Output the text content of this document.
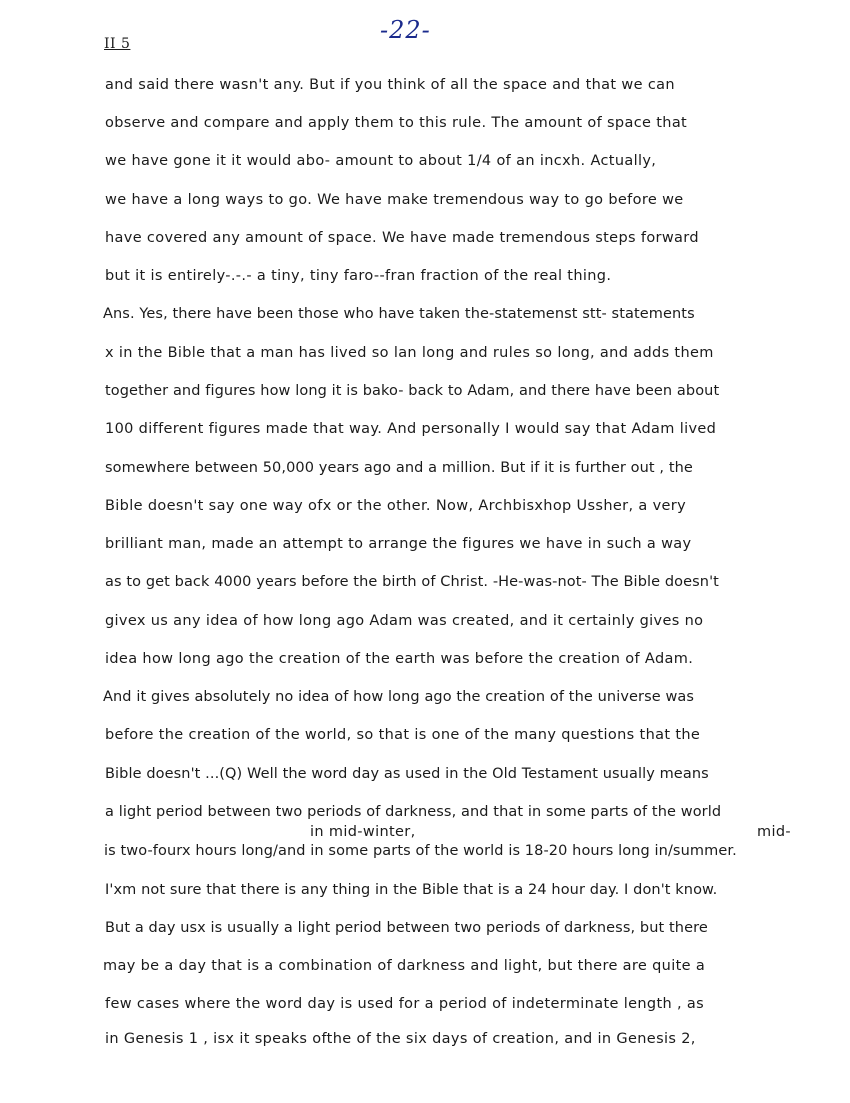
II 5	-22-
and said there wasn't any. But if you think of all the space and that we can
observe and compare and apply them to this rule. The amount of space that
we have gone it it would abo- amount to about 1/4 of an incxh. Actually,
we have a long ways to go. We have make tremendous way to go before we
have covered any amount of space. We have made tremendous steps forward
but it is entirely-.-.- a tiny, tiny faro--fran fraction of the real thing.
Ans. Yes, there have been those who have taken the-statemenst stt- statements
x in the Bible that a man has lived so lan long and rules so long, and adds them
together and figures how long it is bako- back to Adam, and there have been about
100 different figures made that way. And personally I would say that Adam lived
somewhere between 50,000 years ago and a million. But if it is further out , the
Bible doesn't say one way ofx or the other. Now, Archbisxhop Ussher, a very
brilliant man, made an attempt to arrange the figures we have in such a way
as to get back 4000 years before the birth of Christ. -He-was-not- The Bible doesn't
givex us any idea of how long ago Adam was created, and it certainly gives no
idea how long ago the creation of the earth was before the creation of Adam.
And it gives absolutely no idea of how long ago the creation of the universe was
before the creation of the world, so that is one of the many questions that the
Bible doesn't ...(Q) Well the word day as used in the Old Testament usually means
a light period between two periods of darkness, and that in some parts of the world
in mid-winter,	mid-
is two-fourx hours long/and in some parts of the world is 18-20 hours long in/summer.
I'xm not sure that there is any thing in the Bible that is a 24 hour day. I don't know.
But a day usx is usually a light period between two periods of darkness, but there
may be a day that is a combination of darkness and light, but there are quite a
few cases where the word day is used for a period of indeterminate length , as
in Genesis 1 , isx it speaks ofthe of the six days of creation, and in Genesis 2,
